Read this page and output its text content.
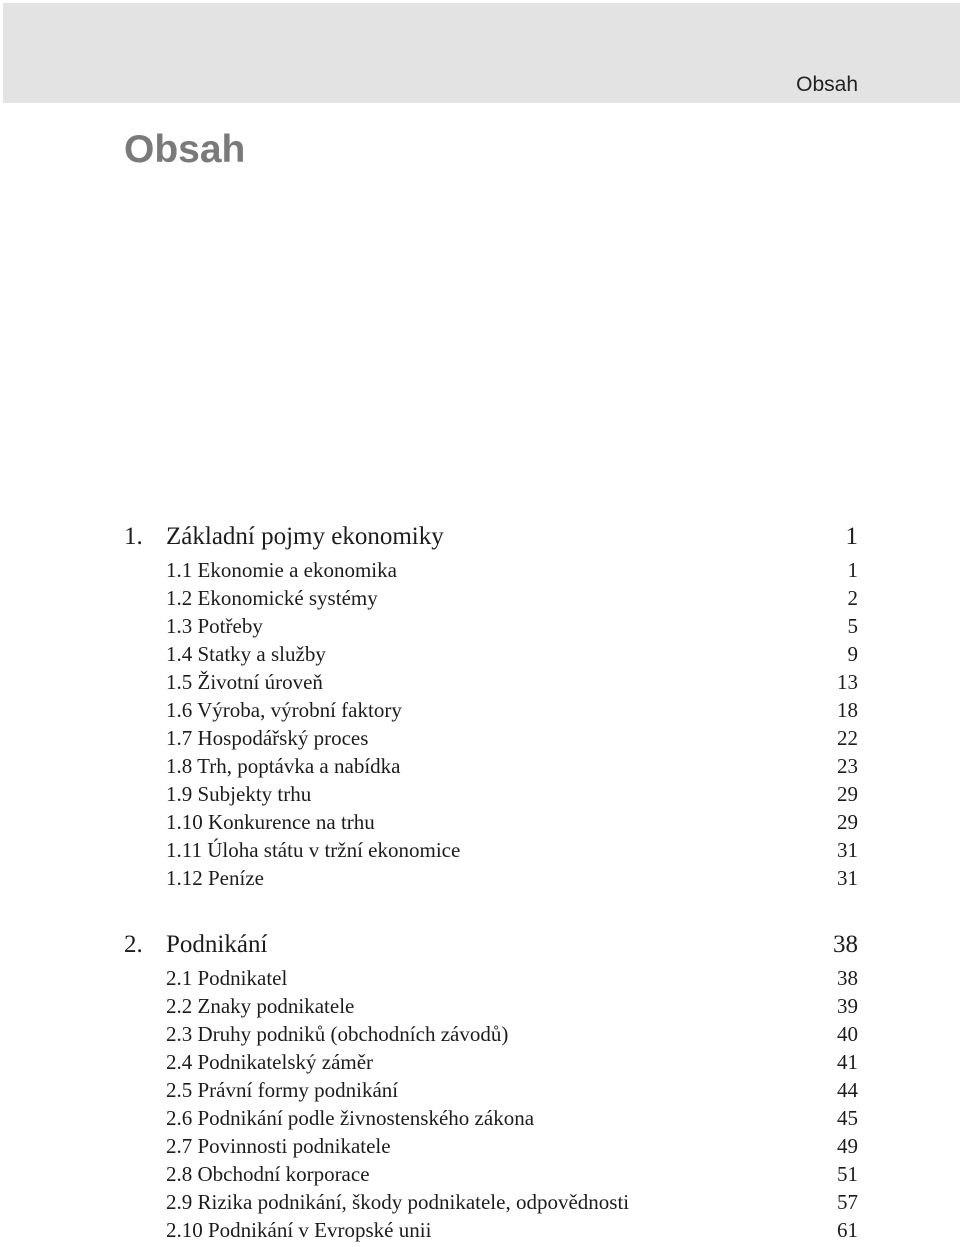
Obsah
Obsah
1. Základní pojmy ekonomiky	1
1.1 Ekonomie a ekonomika	1
1.2 Ekonomické systémy	2
1.3 Potřeby	5
1.4 Statky a služby	9
1.5 Životní úroveň	13
1.6 Výroba, výrobní faktory	18
1.7 Hospodářský proces	22
1.8 Trh, poptávka a nabídka	23
1.9 Subjekty trhu	29
1.10 Konkurence na trhu	29
1.11 Úloha státu v tržní ekonomice	31
1.12 Peníze	31
2. Podnikání	38
2.1 Podnikatel	38
2.2 Znaky podnikatele	39
2.3 Druhy podniků (obchodních závodů)	40
2.4 Podnikatelský záměr	41
2.5 Právní formy podnikání	44
2.6 Podnikání podle živnostenského zákona	45
2.7 Povinnosti podnikatele	49
2.8 Obchodní korporace	51
2.9 Rizika podnikání, škody podnikatele, odpovědnosti	57
2.10 Podnikání v Evropské unii	61
